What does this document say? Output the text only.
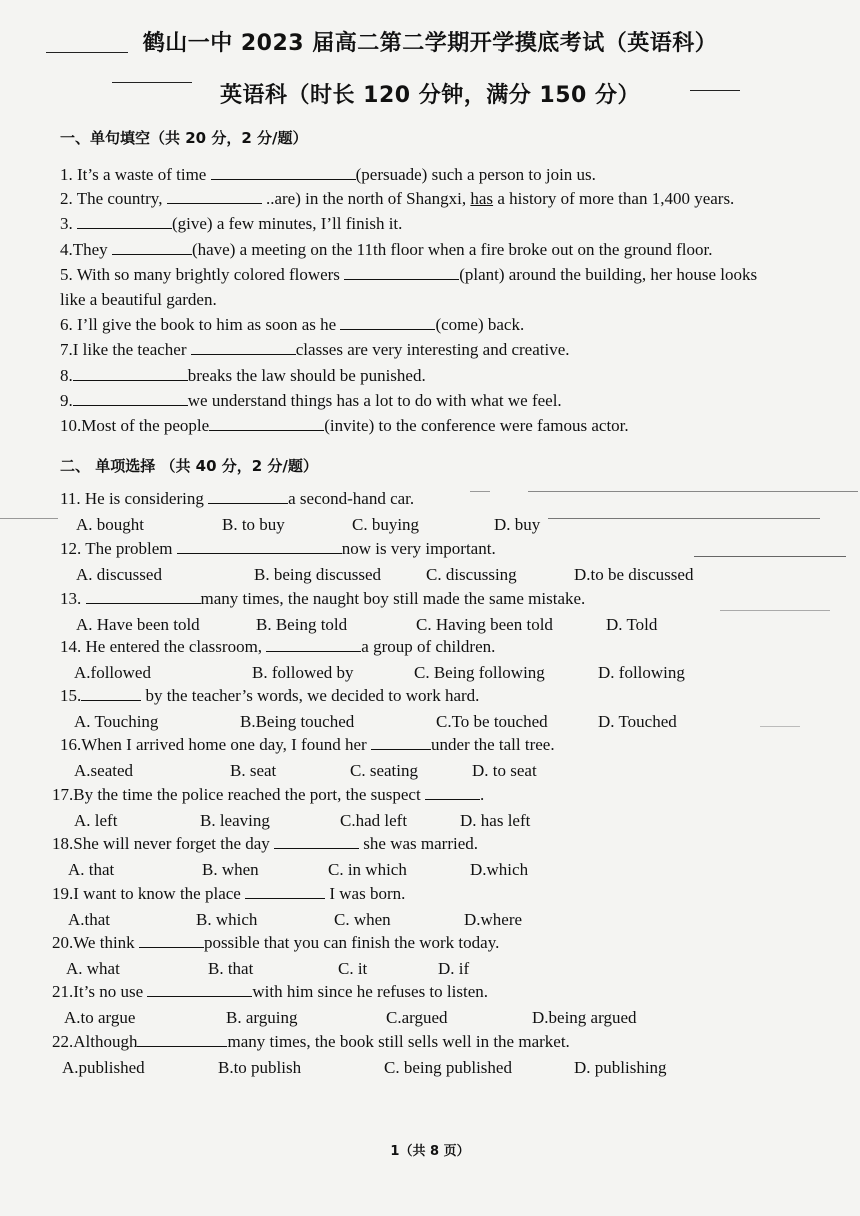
鹤山一中 2023 届高二第二学期开学摸底考试（英语科）
英语科（时长 120 分钟，满分 150 分）
一、单句填空（共 20 分，2 分/题）
1. It’s a waste of time	(persuade) such a person to join us.
2. The country,	..are) in the north of Shangxi, has a history of more than 1,400 years.
3.	(give) a few minutes, I’ll finish it.
4.They	(have) a meeting on the 11th floor when a fire broke out on the ground floor.
5. With so many brightly colored flowers	(plant) around the building, her house looks
like a beautiful garden.
6. I’ll give the book to him as soon as he	(come) back.
7.I like the teacher	classes are very interesting and creative.
8.	breaks the law should be punished.
9.	we understand things has a lot to do with what we feel.
10.Most of the people	(invite) to the conference were famous actor.
二、 单项选择 （共 40 分，2 分/题）
11. He is considering	a second-hand car.
A. bought	B. to buy	C. buying	D. buy
12. The problem	now is very important.
A. discussed	B. being discussed	C. discussing	D.to be discussed
13.	many times, the naught boy still made the same mistake.
A. Have been told	B. Being told	C. Having been told	D. Told
14. He entered the classroom,	a group of children.
A.followed	B. followed by	C. Being following	D. following
15.	by the teacher’s words, we decided to work hard.
A. Touching	B.Being touched	C.To be touched	D. Touched
16.When I arrived home one day, I found her	under the tall tree.
A.seated	B. seat	C. seating	D. to seat
17.By the time the police reached the port, the suspect	.
A. left	B. leaving	C.had left	D. has left
18.She will never forget the day	she was married.
A. that	B. when	C. in which	D.which
19.I want to know the place	I was born.
A.that	B. which	C. when	D.where
20.We think	possible that you can finish the work today.
A. what	B. that	C. it	D. if
21.It’s no use	with him since he refuses to listen.
A.to argue	B. arguing	C.argued	D.being argued
22.Although	many times, the book still sells well in the market.
A.published	B.to publish	C. being published	D. publishing
1（共 8 页）
